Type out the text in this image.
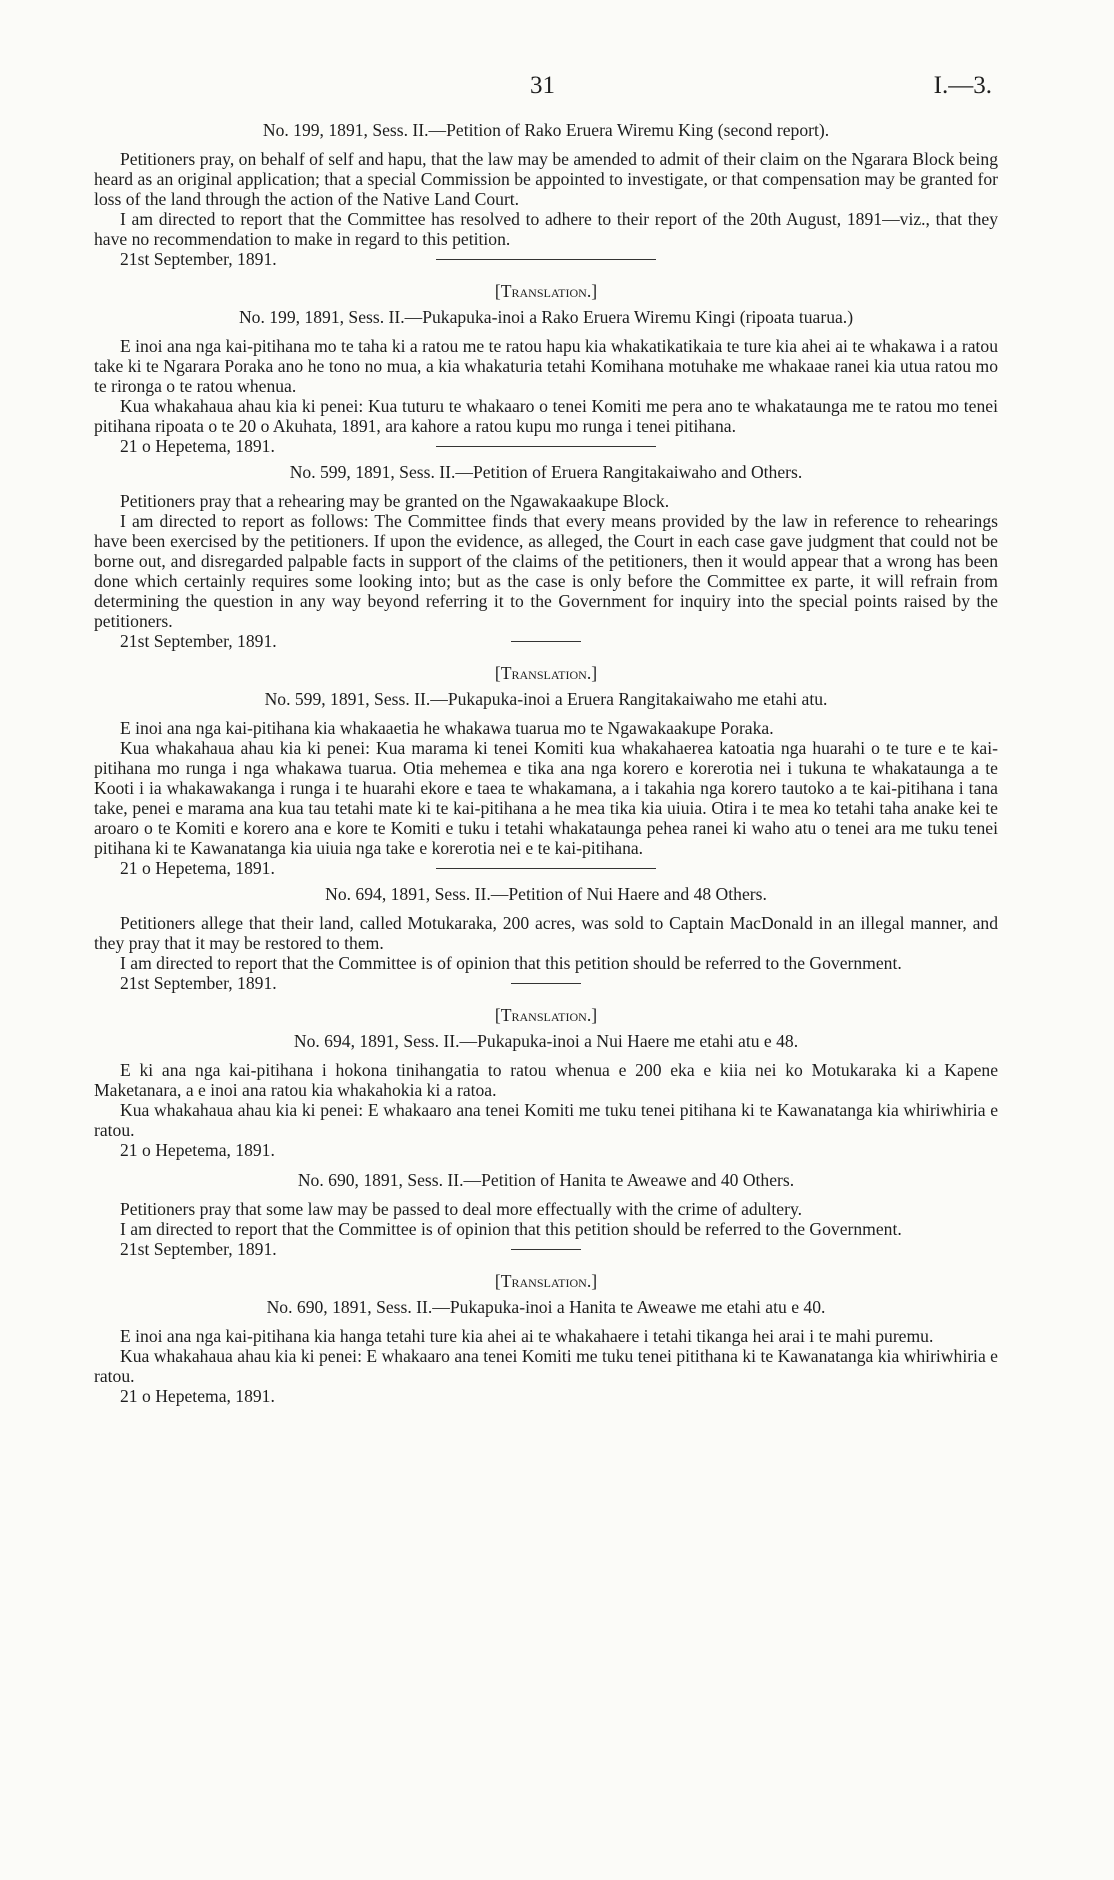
31	I.—3.

No. 199, 1891, Sess. II.—Petition of Rako Eruera Wiremu King (second report).

Petitioners pray, on behalf of self and hapu, that the law may be amended to admit of their claim on the Ngarara Block being heard as an original application; that a special Commission be appointed to investigate, or that compensation may be granted for loss of the land through the action of the Native Land Court.

I am directed to report that the Committee has resolved to adhere to their report of the 20th August, 1891—viz., that they have no recommendation to make in regard to this petition.

21st September, 1891.

[Translation.]

No. 199, 1891, Sess. II.—Pukapuka-inoi a Rako Eruera Wiremu Kingi (ripoata tuarua.)

E inoi ana nga kai-pitihana mo te taha ki a ratou me te ratou hapu kia whakatikatikaia te ture kia ahei ai te whakawa i a ratou take ki te Ngarara Poraka ano he tono no mua, a kia whakaturia tetahi Komihana motuhake me whakaae ranei kia utua ratou mo te rironga o te ratou whenua.

Kua whakahaua ahau kia ki penei: Kua tuturu te whakaaro o tenei Komiti me pera ano te whakataunga me te ratou mo tenei pitihana ripoata o te 20 o Akuhata, 1891, ara kahore a ratou kupu mo runga i tenei pitihana.

21 o Hepetema, 1891.

No. 599, 1891, Sess. II.—Petition of Eruera Rangitakaiwaho and Others.

Petitioners pray that a rehearing may be granted on the Ngawakaakupe Block.

I am directed to report as follows: The Committee finds that every means provided by the law in reference to rehearings have been exercised by the petitioners. If upon the evidence, as alleged, the Court in each case gave judgment that could not be borne out, and disregarded palpable facts in support of the claims of the petitioners, then it would appear that a wrong has been done which certainly requires some looking into; but as the case is only before the Committee ex parte, it will refrain from determining the question in any way beyond referring it to the Government for inquiry into the special points raised by the petitioners.

21st September, 1891.

[Translation.]

No. 599, 1891, Sess. II.—Pukapuka-inoi a Eruera Rangitakaiwaho me etahi atu.

E inoi ana nga kai-pitihana kia whakaaetia he whakawa tuarua mo te Ngawakaakupe Poraka.

Kua whakahaua ahau kia ki penei: Kua marama ki tenei Komiti kua whakahaerea katoatia nga huarahi o te ture e te kai-pitihana mo runga i nga whakawa tuarua. Otia mehemea e tika ana nga korero e korerotia nei i tukuna te whakataunga a te Kooti i ia whakawakanga i runga i te huarahi ekore e taea te whakamana, a i takahia nga korero tautoko a te kai-pitihana i tana take, penei e marama ana kua tau tetahi mate ki te kai-pitihana a he mea tika kia uiuia. Otira i te mea ko tetahi taha anake kei te aroaro o te Komiti e korero ana e kore te Komiti e tuku i tetahi whakataunga pehea ranei ki waho atu o tenei ara me tuku tenei pitihana ki te Kawanatanga kia uiuia nga take e korerotia nei e te kai-pitihana.

21 o Hepetema, 1891.

No. 694, 1891, Sess. II.—Petition of Nui Haere and 48 Others.

Petitioners allege that their land, called Motukaraka, 200 acres, was sold to Captain MacDonald in an illegal manner, and they pray that it may be restored to them.

I am directed to report that the Committee is of opinion that this petition should be referred to the Government.

21st September, 1891.

[Translation.]

No. 694, 1891, Sess. II.—Pukapuka-inoi a Nui Haere me etahi atu e 48.

E ki ana nga kai-pitihana i hokona tinihangatia to ratou whenua e 200 eka e kiia nei ko Motukaraka ki a Kapene Maketanara, a e inoi ana ratou kia whakahokia ki a ratoa.

Kua whakahaua ahau kia ki penei: E whakaaro ana tenei Komiti me tuku tenei pitihana ki te Kawanatanga kia whiriwhiria e ratou.

21 o Hepetema, 1891.

No. 690, 1891, Sess. II.—Petition of Hanita te Aweawe and 40 Others.

Petitioners pray that some law may be passed to deal more effectually with the crime of adultery.

I am directed to report that the Committee is of opinion that this petition should be referred to the Government.

21st September, 1891.

[Translation.]

No. 690, 1891, Sess. II.—Pukapuka-inoi a Hanita te Aweawe me etahi atu e 40.

E inoi ana nga kai-pitihana kia hanga tetahi ture kia ahei ai te whakahaere i tetahi tikanga hei arai i te mahi puremu.

Kua whakahaua ahau kia ki penei: E whakaaro ana tenei Komiti me tuku tenei pitithana ki te Kawanatanga kia whiriwhiria e ratou.

21 o Hepetema, 1891.
